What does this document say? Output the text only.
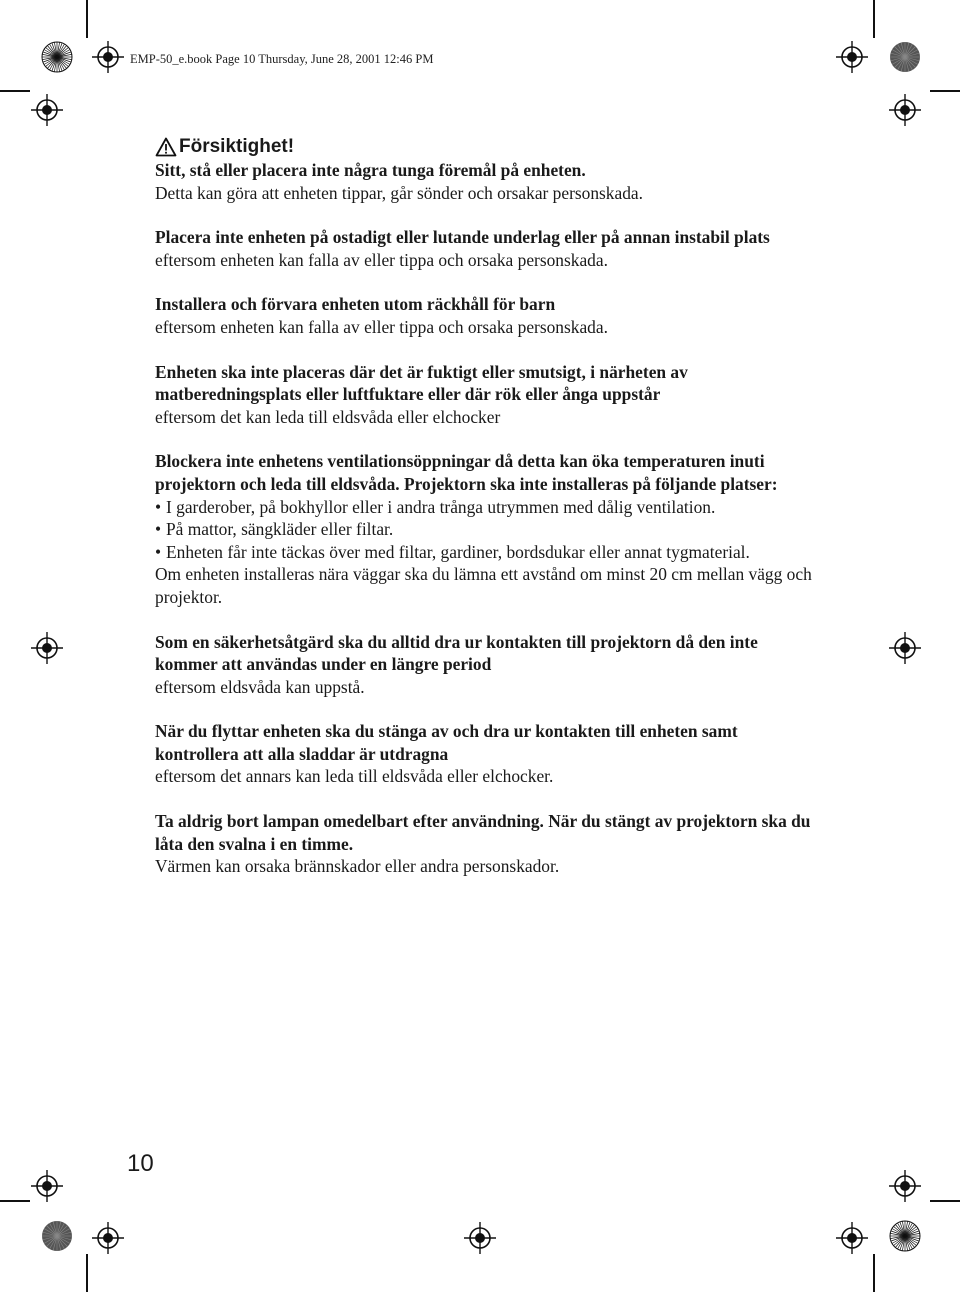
EMP-50_e.book Page 10 Thursday, June 28, 2001 12:46 PM
Försiktighet!

Sitt, stå eller placera inte några tunga föremål på enheten.

Detta kan göra att enheten tippar, går sönder och orsakar personskada.

Placera inte enheten på ostadigt eller lutande underlag eller på annan instabil plats

eftersom enheten kan falla av eller tippa och orsaka personskada.

Installera och förvara enheten utom räckhåll för barn

eftersom enheten kan falla av eller tippa och orsaka personskada.

Enheten ska inte placeras där det är fuktigt eller smutsigt, i närheten av matberedningsplats eller luftfuktare eller där rök eller ånga uppstår

eftersom det kan leda till eldsvåda eller elchocker

Blockera inte enhetens ventilationsöppningar då detta kan öka temperaturen inuti projektorn och leda till eldsvåda. Projektorn ska inte installeras på följande platser:

• I garderober, på bokhyllor eller i andra trånga utrymmen med dålig ventilation.
• På mattor, sängkläder eller filtar.
• Enheten får inte täckas över med filtar, gardiner, bordsdukar eller annat tygmaterial.

Om enheten installeras nära väggar ska du lämna ett avstånd om minst 20 cm mellan vägg och projektor.

Som en säkerhetsåtgärd ska du alltid dra ur kontakten till projektorn då den inte kommer att användas under en längre period

eftersom eldsvåda kan uppstå.

När du flyttar enheten ska du stänga av och dra ur kontakten till enheten samt kontrollera att alla sladdar är utdragna

eftersom det annars kan leda till eldsvåda eller elchocker.

Ta aldrig bort lampan omedelbart efter användning. När du stängt av projektorn ska du låta den svalna i en timme.

Värmen kan orsaka brännskador eller andra personskador.

10
